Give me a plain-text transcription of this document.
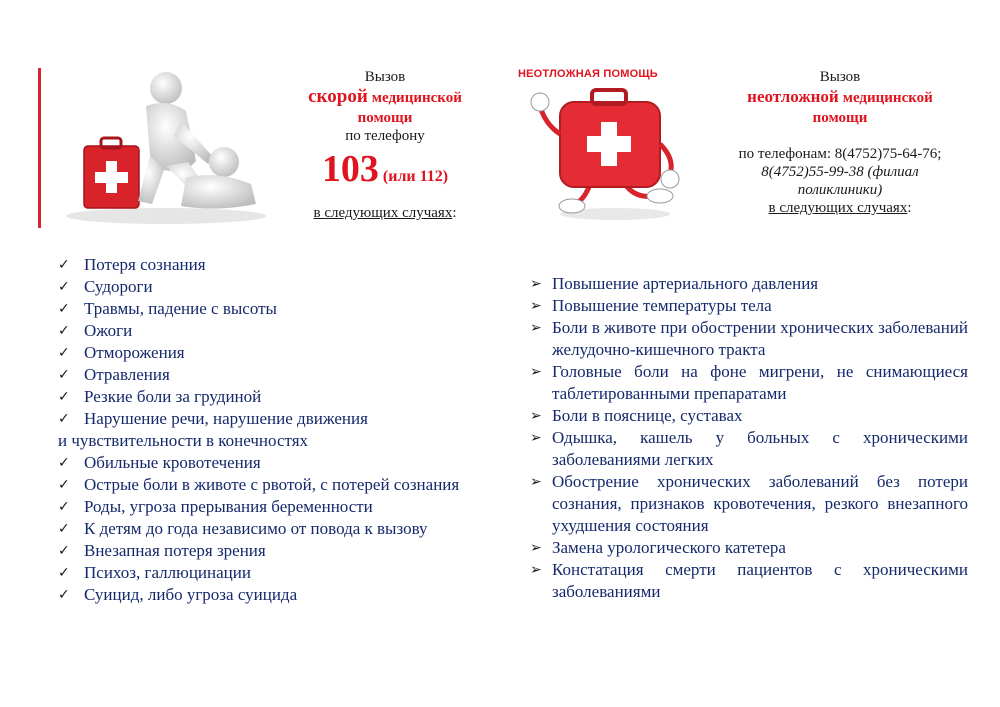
Вызов
скорой медицинской
помощи
по телефону
103 (или 112)
в следующих случаях:
НЕОТЛОЖНАЯ ПОМОЩЬ	Вызов
неотложной медицинской
помощи
по телефонам: 8(4752)75-64-76;
8(4752)55-99-38 (филиал
поликлиники)
в следующих случаях:
✓ Потеря сознания
✓ Судороги
✓ Травмы, падение с высоты
✓ Ожоги
✓ Отморожения
✓ Отравления
✓ Резкие боли за грудиной
✓ Нарушение речи, нарушение движения
и чувствительности в конечностях
✓ Обильные кровотечения
✓ Острые боли в животе с рвотой, с потерей сознания
✓ Роды, угроза прерывания беременности
✓ К детям до года независимо от повода к вызову
✓ Внезапная потеря зрения
✓ Психоз, галлюцинации
✓ Суицид, либо угроза суицида
➢ Повышение артериального давления
➢ Повышение температуры тела
➢ Боли в животе при обострении хронических заболеваний желудочно-кишечного тракта
➢ Головные боли на фоне мигрени, не снимающиеся таблетированными препаратами
➢ Боли в пояснице, суставах
➢ Одышка, кашель у больных с хроническими заболеваниями легких
➢ Обострение хронических заболеваний без потери сознания, признаков кровотечения, резкого внезапного ухудшения состояния
➢ Замена урологического катетера
➢ Констатация смерти пациентов с хроническими заболеваниями
